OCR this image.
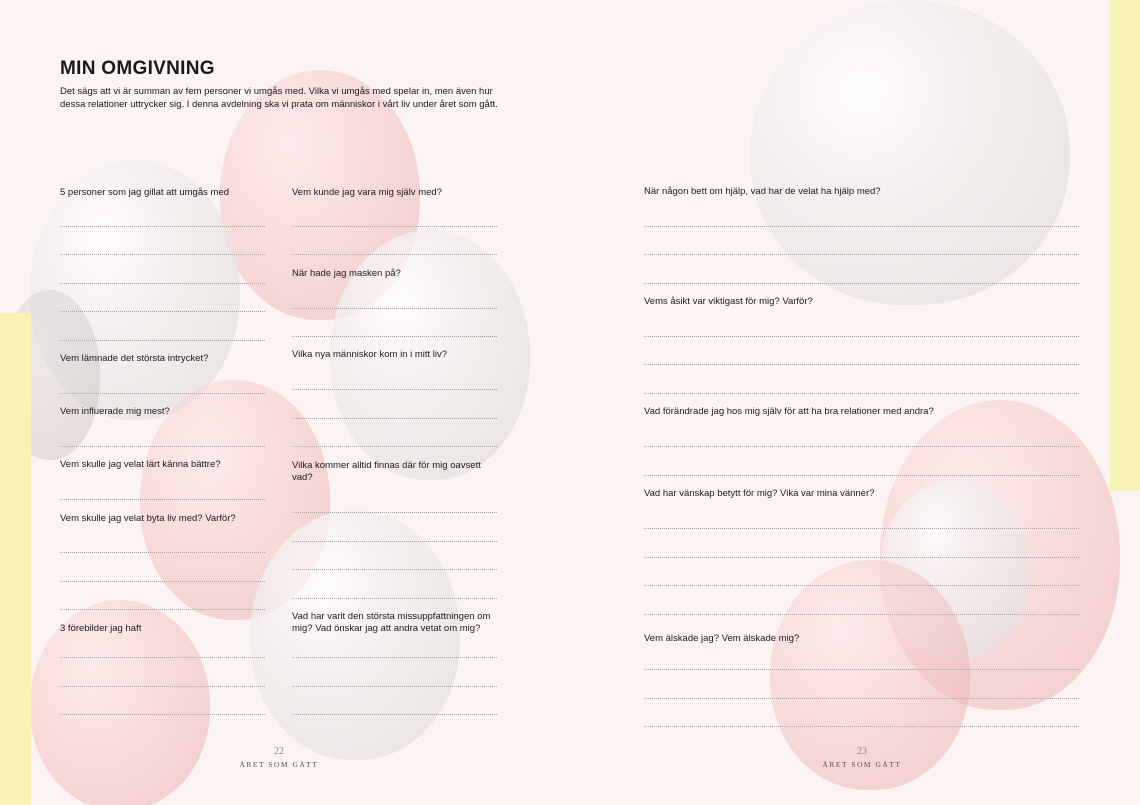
MIN OMGIVNING

Det sägs att vi är summan av fem personer vi umgås med. Vilka vi umgås med spelar in, men även hur dessa relationer uttrycker sig. I denna avdelning ska vi prata om människor i vårt liv under året som gått.

5 personer som jag gillat att umgås med
Vem lämnade det största intrycket?
Vem influerade mig mest?
Vem skulle jag velat lärt känna bättre?
Vem skulle jag velat byta liv med? Varför?
3 förebilder jag haft
Vem kunde jag vara mig själv med?
När hade jag masken på?
Vilka nya människor kom in i mitt liv?
Vilka kommer alltid finnas där för mig oavsett vad?
Vad har varit den största missuppfattningen om mig? Vad önskar jag att andra vetat om mig?
När någon bett om hjälp, vad har de velat ha hjälp med?
Vems åsikt var viktigast för mig? Varför?
Vad förändrade jag hos mig själv för att ha bra relationer med andra?
Vad har vänskap betytt för mig? Vika var mina vänner?
Vem älskade jag? Vem älskade mig?
22
ÅRET SOM GÅTT
23
ÅRET SOM GÅTT
